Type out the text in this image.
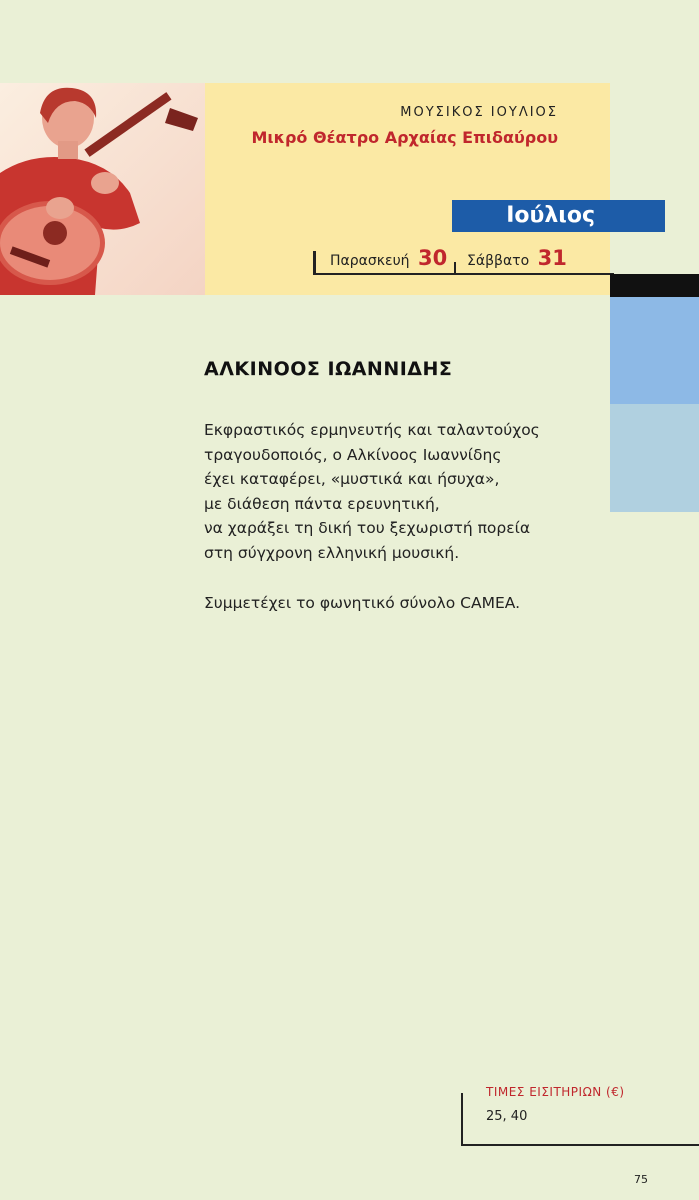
ΜΟΥΣΙΚΟΣ ΙΟΥΛΙΟΣ
Μικρό Θέατρο Αρχαίας Επιδαύρου
Ιούλιος
Παρασκευή 30 Σάββατο 31
ΑΛΚΙΝΟΟΣ ΙΩΑΝΝΙΔΗΣ

Εκφραστικός ερμηνευτής και ταλαντούχος

τραγουδοποιός, ο Αλκίνοος Ιωαννίδης

έχει καταφέρει, «μυστικά και ήσυχα»,

με διάθεση πάντα ερευνητική,

να χαράξει τη δική του ξεχωριστή πορεία

στη σύγχρονη ελληνική μουσική.

Συμμετέχει το φωνητικό σύνολο CAMEA.
ΤΙΜΕΣ ΕΙΣΙΤΗΡΙΩΝ (€)
25, 40
75
